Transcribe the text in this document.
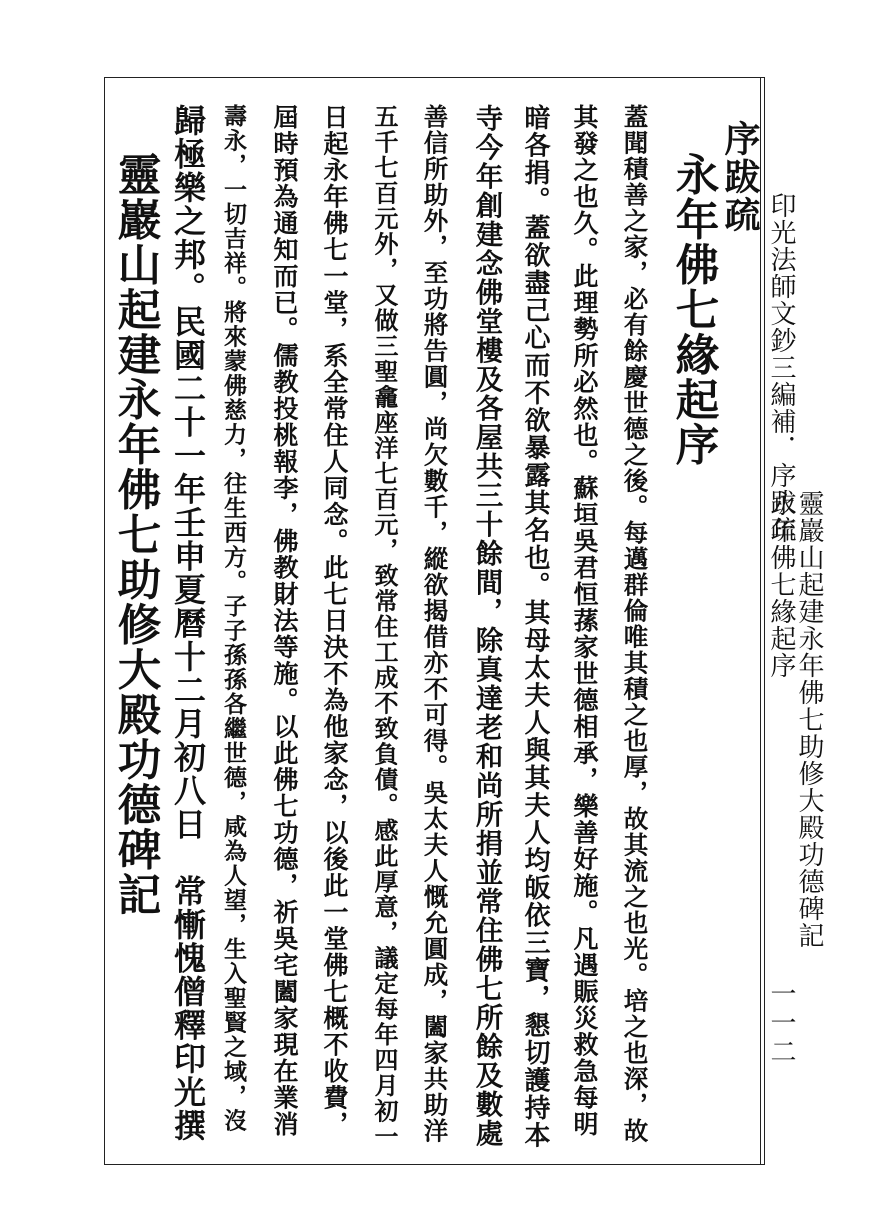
印光法師文鈔三編補．序跋疏
靈巖山起建永年佛七助修大殿功德碑記
永年佛七緣起序
一一二
序跋疏
永年佛七緣起序
蓋聞積善之家，必有餘慶世德之後。每邁群倫唯其積之也厚，故其流之也光。培之也深，故
其發之也久。此理勢所必然也。蘇垣吳君恒蓀家世德相承，樂善好施。凡遇賑災救急每明
暗各捐。蓋欲盡己心而不欲暴露其名也。其母太夫人與其夫人均皈依三寶，懇切護持本
寺今年創建念佛堂樓及各屋共三十餘間，除真達老和尚所捐並常住佛七所餘及數處
善信所助外，至功將告圓，尚欠數千，縱欲揭借亦不可得。吳太夫人慨允圓成，闔家共助洋
五千七百元外，又做三聖龕座洋七百元，致常住工成不致負債。感此厚意，議定每年四月初一
日起永年佛七一堂，系全常住人同念。此七日決不為他家念，以後此一堂佛七概不收費，
屆時預為通知而已。儒教投桃報李，佛教財法等施。以此佛七功德，祈吳宅闔家現在業消
壽永，一切吉祥。將來蒙佛慈力，往生西方。子子孫孫各繼世德，咸為人望，生入聖賢之域，沒
歸極樂之邦。民國二十一年壬申夏曆十二月初八日　常慚愧僧釋印光撰
靈巖山起建永年佛七助修大殿功德碑記
